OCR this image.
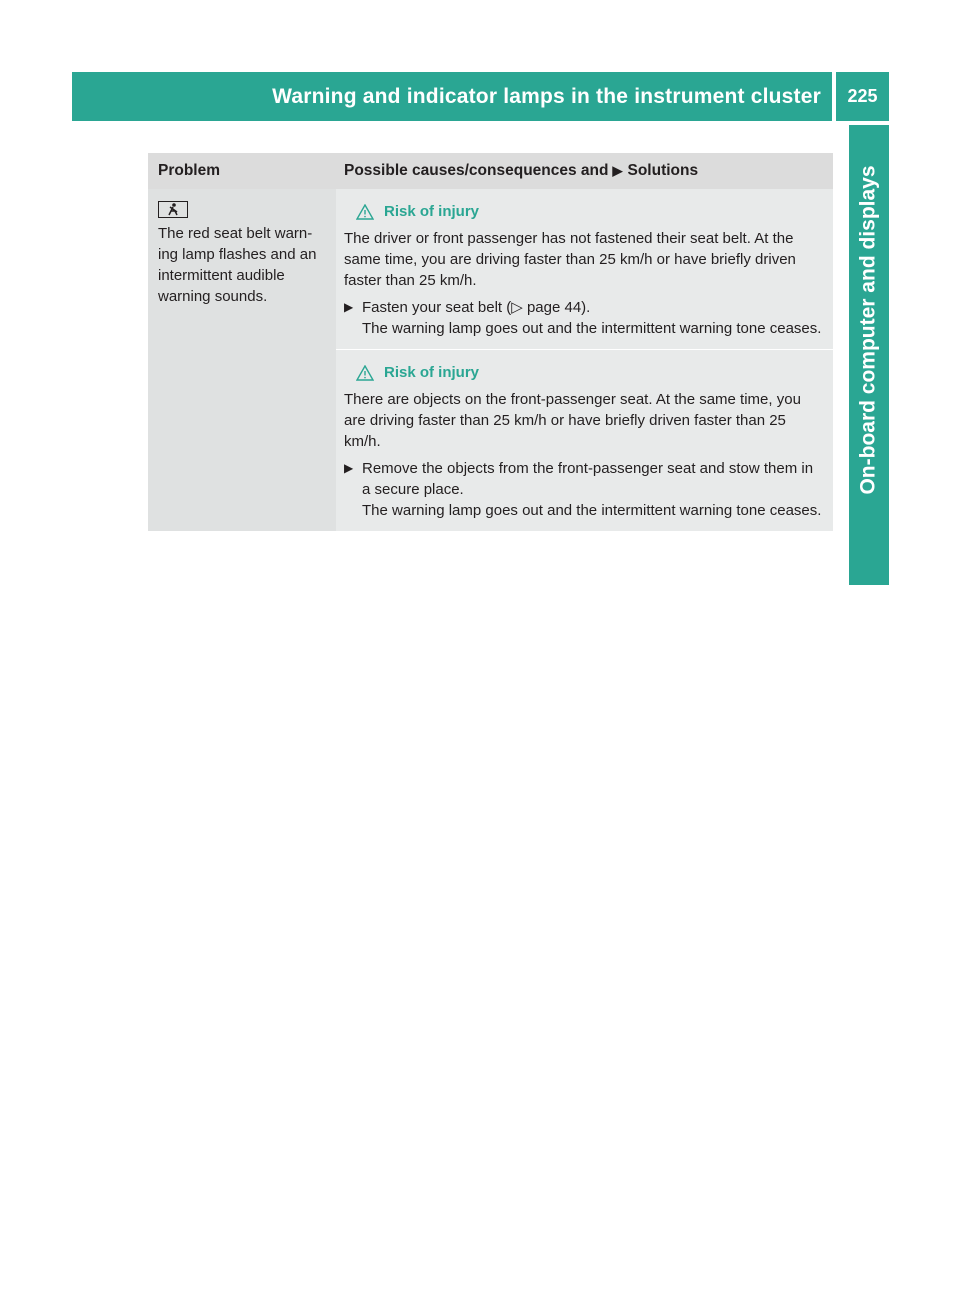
Warning and indicator lamps in the instrument cluster	225
On-board computer and displays
Problem	Possible causes/consequences and ▶ Solutions
The red seat belt warn-ing lamp flashes and an intermittent audible warning sounds.
Risk of injury

The driver or front passenger has not fastened their seat belt. At the same time, you are driving faster than 25 km/h or have briefly driven faster than 25 km/h.

▶ Fasten your seat belt (▷ page 44).
The warning lamp goes out and the intermittent warning tone ceases.
Risk of injury

There are objects on the front-passenger seat. At the same time, you are driving faster than 25 km/h or have briefly driven faster than 25 km/h.

▶ Remove the objects from the front-passenger seat and stow them in a secure place.
The warning lamp goes out and the intermittent warning tone ceases.
